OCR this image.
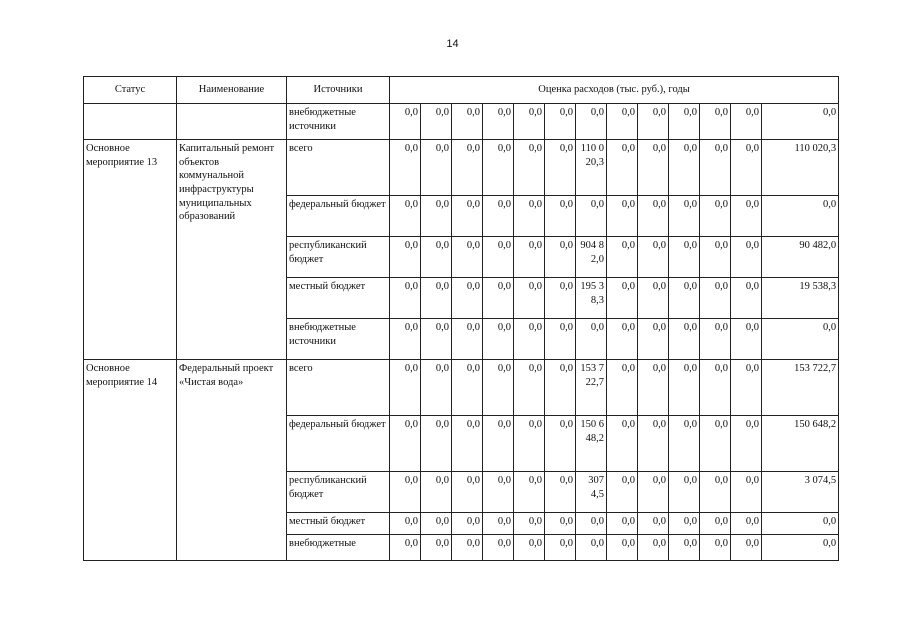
14
Статус	Наименование	Источники	Оценка расходов (тыс. руб.), годы												
		внебюджетные источники	0,0	0,0	0,0	0,0	0,0	0,0	0,0	0,0	0,0	0,0	0,0	0,0	0,0
Основное мероприятие 13	Капитальный ремонт объектов коммунальной инфраструктуры муниципальных образований	всего	0,0	0,0	0,0	0,0	0,0	0,0	110 020,3	0,0	0,0	0,0	0,0	0,0	110 020,3
		федеральный бюджет	0,0	0,0	0,0	0,0	0,0	0,0	0,0	0,0	0,0	0,0	0,0	0,0	0,0
		республиканский бюджет	0,0	0,0	0,0	0,0	0,0	0,0	904 82,0	0,0	0,0	0,0	0,0	0,0	90 482,0
		местный бюджет	0,0	0,0	0,0	0,0	0,0	0,0	195 38,3	0,0	0,0	0,0	0,0	0,0	19 538,3
		внебюджетные источники	0,0	0,0	0,0	0,0	0,0	0,0	0,0	0,0	0,0	0,0	0,0	0,0	0,0
Основное мероприятие 14	Федеральный проект «Чистая вода»	всего	0,0	0,0	0,0	0,0	0,0	0,0	153 722,7	0,0	0,0	0,0	0,0	0,0	153 722,7
		федеральный бюджет	0,0	0,0	0,0	0,0	0,0	0,0	150 648,2	0,0	0,0	0,0	0,0	0,0	150 648,2
		республиканский бюджет	0,0	0,0	0,0	0,0	0,0	0,0	307 4,5	0,0	0,0	0,0	0,0	0,0	3 074,5
		местный бюджет	0,0	0,0	0,0	0,0	0,0	0,0	0,0	0,0	0,0	0,0	0,0	0,0	0,0
		внебюджетные	0,0	0,0	0,0	0,0	0,0	0,0	0,0	0,0	0,0	0,0	0,0	0,0	0,0
